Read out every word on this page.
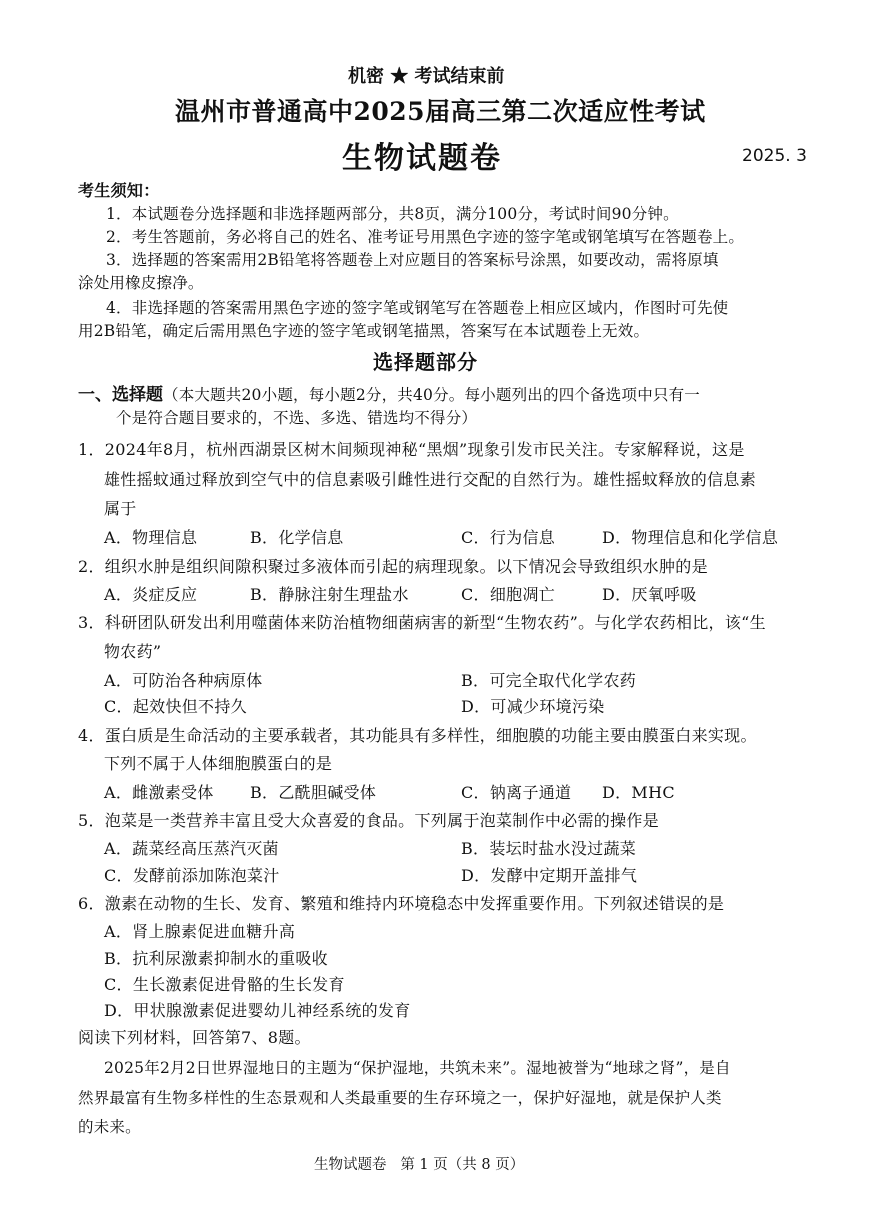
机密 ★ 考试结束前
温州市普通高中2025届高三第二次适应性考试
生物试题卷	2025. 3
考生须知：
1．本试题卷分选择题和非选择题两部分，共8页，满分100分，考试时间90分钟。
2．考生答题前，务必将自己的姓名、准考证号用黑色字迹的签字笔或钢笔填写在答题卷上。
3．选择题的答案需用2B铅笔将答题卷上对应题目的答案标号涂黑，如要改动，需将原填
涂处用橡皮擦净。
4．非选择题的答案需用黑色字迹的签字笔或钢笔写在答题卷上相应区域内，作图时可先使
用2B铅笔，确定后需用黑色字迹的签字笔或钢笔描黑，答案写在本试题卷上无效。
选择题部分
一、选择题（本大题共20小题，每小题2分，共40分。每小题列出的四个备选项中只有一
个是符合题目要求的，不选、多选、错选均不得分）
1．2024年8月，杭州西湖景区树木间频现神秘“黑烟”现象引发市民关注。专家解释说，这是
雄性摇蚊通过释放到空气中的信息素吸引雌性进行交配的自然行为。雄性摇蚊释放的信息素
属于
A．物理信息	B．化学信息	C．行为信息	D．物理信息和化学信息
2．组织水肿是组织间隙积聚过多液体而引起的病理现象。以下情况会导致组织水肿的是
A．炎症反应	B．静脉注射生理盐水	C．细胞凋亡	D．厌氧呼吸
3．科研团队研发出利用噬菌体来防治植物细菌病害的新型“生物农药”。与化学农药相比，该“生
物农药”
A．可防治各种病原体	B．可完全取代化学农药
C．起效快但不持久	D．可减少环境污染
4．蛋白质是生命活动的主要承载者，其功能具有多样性，细胞膜的功能主要由膜蛋白来实现。
下列不属于人体细胞膜蛋白的是
A．雌激素受体 B．乙酰胆碱受体	C．钠离子通道 D．MHC
5．泡菜是一类营养丰富且受大众喜爱的食品。下列属于泡菜制作中必需的操作是
A．蔬菜经高压蒸汽灭菌	B．装坛时盐水没过蔬菜
C．发酵前添加陈泡菜汁	D．发酵中定期开盖排气
6．激素在动物的生长、发育、繁殖和维持内环境稳态中发挥重要作用。下列叙述错误的是
A．肾上腺素促进血糖升高
B．抗利尿激素抑制水的重吸收
C．生长激素促进骨骼的生长发育
D．甲状腺激素促进婴幼儿神经系统的发育
阅读下列材料，回答第7、8题。
2025年2月2日世界湿地日的主题为“保护湿地，共筑未来”。湿地被誉为“地球之肾”，是自
然界最富有生物多样性的生态景观和人类最重要的生存环境之一，保护好湿地，就是保护人类
的未来。
生物试题卷   第 1 页（共 8 页）
